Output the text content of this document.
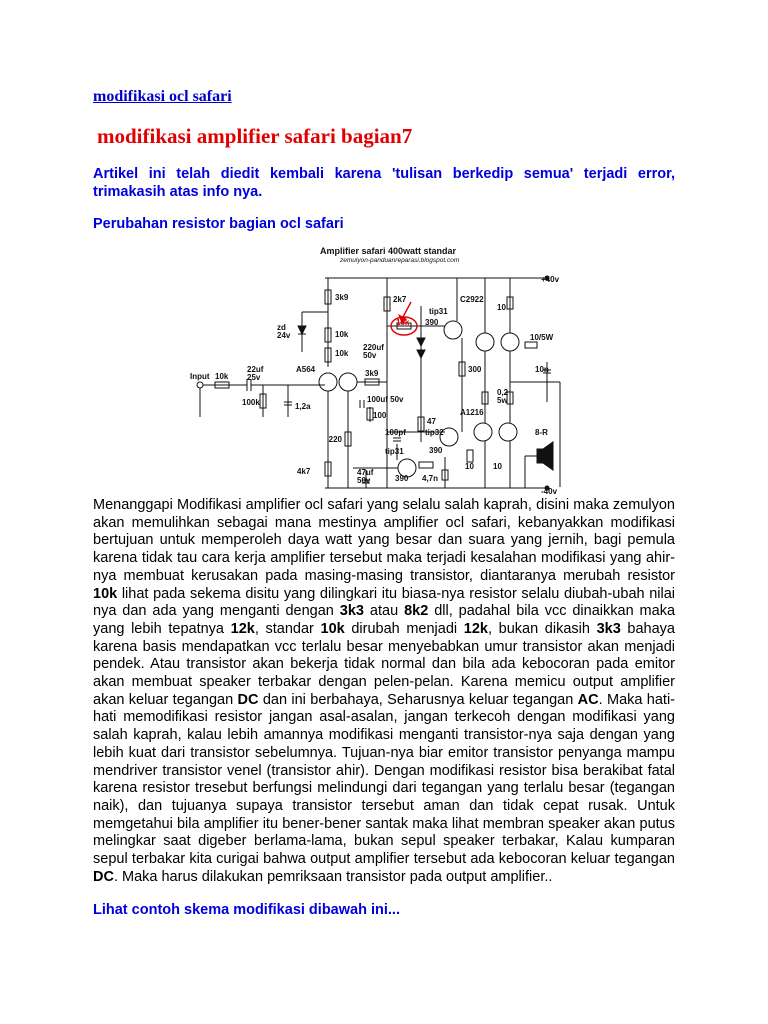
modifikasi ocl safari
modifikasi amplifier safari bagian7
Artikel ini telah diedit kembali karena 'tulisan berkedip semua' terjadi error, trimakasih atas info nya.
Perubahan resistor bagian ocl safari
Amplifier safari 400watt standar
zemulyon-panduanreparasi.blogspot.com
+40v
-40v
Input 10k
22uf
25v
100k	1,2a
3k9
zd
24v	10k
10k
A564	3k9
100uf 50v
100
220
4k7	47uf
50v
2k7
10k 390
tip31
220uf
50v
100pf
47
tip32
390
tip31
390 4,7n
C2922
10
10/5W
300	10n
0,2
5w
A1216
10 10
8-R
Menanggapi Modifikasi amplifier ocl safari yang selalu salah kaprah, disini maka zemulyon akan memulihkan sebagai mana mestinya amplifier ocl safari, kebanyakkan modifikasi bertujuan untuk memperoleh daya watt yang besar dan suara yang jernih, bagi pemula karena tidak tau cara kerja amplifier tersebut maka terjadi kesalahan modifikasi yang ahir-nya membuat kerusakan pada masing-masing transistor, diantaranya merubah resistor 10k lihat pada sekema disitu yang dilingkari itu biasa-nya resistor selalu diubah-ubah nilai nya dan ada yang menganti dengan 3k3 atau 8k2 dll, padahal bila vcc dinaikkan maka yang lebih tepatnya 12k, standar 10k dirubah menjadi 12k, bukan dikasih 3k3 bahaya karena basis mendapatkan vcc terlalu besar menyebabkan umur transistor akan menjadi pendek. Atau transistor akan bekerja tidak normal dan bila ada kebocoran pada emitor akan membuat speaker terbakar dengan pelen-pelan. Karena memicu output amplifier akan keluar tegangan DC dan ini berbahaya, Seharusnya keluar tegangan AC. Maka hati-hati memodifikasi resistor jangan asal-asalan, jangan terkecoh dengan modifikasi yang salah kaprah, kalau lebih amannya modifikasi menganti transistor-nya saja dengan yang lebih kuat dari transistor sebelumnya. Tujuan-nya biar emitor transistor penyanga mampu mendriver transistor venel (transistor ahir). Dengan modifikasi resistor bisa berakibat fatal karena resistor tresebut berfungsi melindungi dari tegangan yang terlalu besar (tegangan naik), dan tujuanya supaya transistor tersebut aman dan tidak cepat rusak. Untuk memgetahui bila amplifier itu bener-bener santak maka lihat membran speaker akan putus melingkar saat digeber berlama-lama, bukan sepul speaker terbakar, Kalau kumparan sepul terbakar kita curigai bahwa output amplifier tersebut ada kebocoran keluar tegangan DC. Maka harus dilakukan pemriksaan transistor pada output amplifier..
Lihat contoh skema modifikasi dibawah ini...
